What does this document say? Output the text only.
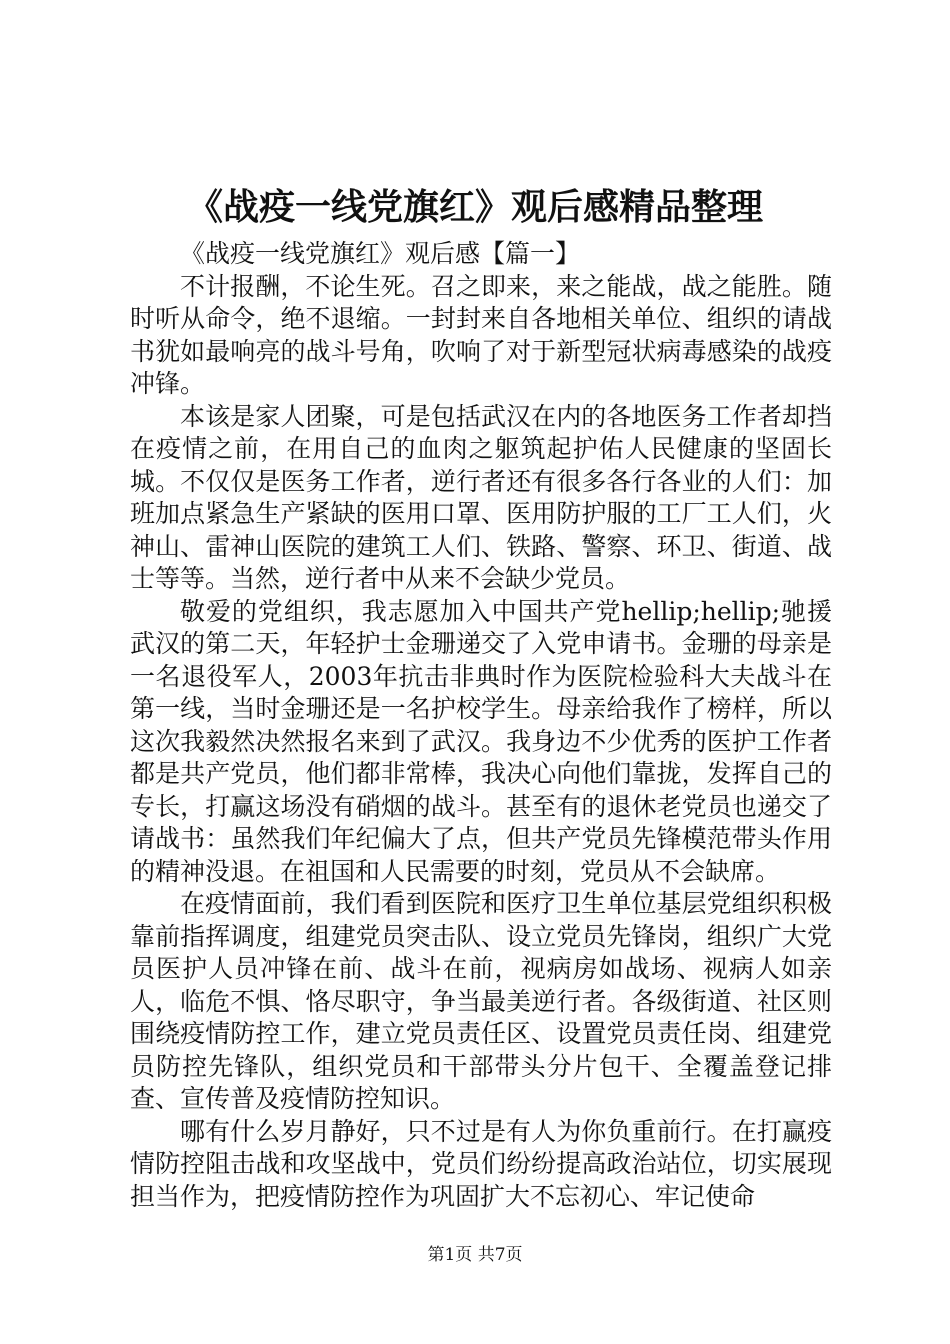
《战疫一线党旗红》观后感精品整理

《战疫一线党旗红》观后感【篇一】

不计报酬，不论生死。召之即来，来之能战，战之能胜。随时听从命令，绝不退缩。一封封来自各地相关单位、组织的请战书犹如最响亮的战斗号角，吹响了对于新型冠状病毒感染的战疫冲锋。

本该是家人团聚，可是包括武汉在内的各地医务工作者却挡在疫情之前，在用自己的血肉之躯筑起护佑人民健康的坚固长城。不仅仅是医务工作者，逆行者还有很多各行各业的人们：加班加点紧急生产紧缺的医用口罩、医用防护服的工厂工人们，火神山、雷神山医院的建筑工人们、铁路、警察、环卫、街道、战士等等。当然，逆行者中从来不会缺少党员。

敬爱的党组织，我志愿加入中国共产党hellip;hellip;驰援武汉的第二天，年轻护士金珊递交了入党申请书。金珊的母亲是一名退役军人，2003年抗击非典时作为医院检验科大夫战斗在第一线，当时金珊还是一名护校学生。母亲给我作了榜样，所以这次我毅然决然报名来到了武汉。我身边不少优秀的医护工作者都是共产党员，他们都非常棒，我决心向他们靠拢，发挥自己的专长，打赢这场没有硝烟的战斗。甚至有的退休老党员也递交了请战书：虽然我们年纪偏大了点，但共产党员先锋模范带头作用的精神没退。在祖国和人民需要的时刻，党员从不会缺席。

在疫情面前，我们看到医院和医疗卫生单位基层党组织积极靠前指挥调度，组建党员突击队、设立党员先锋岗，组织广大党员医护人员冲锋在前、战斗在前，视病房如战场、视病人如亲人，临危不惧、恪尽职守，争当最美逆行者。各级街道、社区则围绕疫情防控工作，建立党员责任区、设置党员责任岗、组建党员防控先锋队，组织党员和干部带头分片包干、全覆盖登记排查、宣传普及疫情防控知识。

哪有什么岁月静好，只不过是有人为你负重前行。在打赢疫情防控阻击战和攻坚战中，党员们纷纷提高政治站位，切实展现担当作为，把疫情防控作为巩固扩大不忘初心、牢记使命

第1页 共7页
